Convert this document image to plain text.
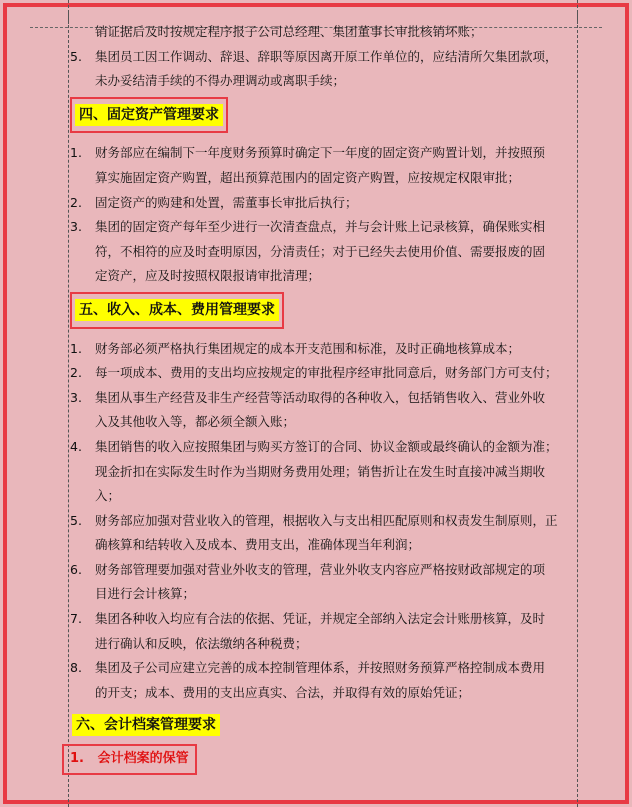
销证据后及时按规定程序报子公司总经理、集团董事长审批核销坏账；
5.	集团员工因工作调动、辞退、辞职等原因离开原工作单位的，应结清所欠集团款项，
未办妥结清手续的不得办理调动或离职手续；
四、固定资产管理要求
1.	财务部应在编制下一年度财务预算时确定下一年度的固定资产购置计划，并按照预
算实施固定资产购置，超出预算范围内的固定资产购置，应按规定权限审批；
2.	固定资产的购建和处置，需董事长审批后执行；
3.	集团的固定资产每年至少进行一次清查盘点，并与会计账上记录核算，确保账实相
符，不相符的应及时查明原因，分清责任；对于已经失去使用价值、需要报废的固
定资产，应及时按照权限报请审批清理；
五、收入、成本、费用管理要求
1.	财务部必须严格执行集团规定的成本开支范围和标准，及时正确地核算成本；
2.	每一项成本、费用的支出均应按规定的审批程序经审批同意后，财务部门方可支付；
3.	集团从事生产经营及非生产经营等活动取得的各种收入，包括销售收入、营业外收
入及其他收入等，都必须全额入账；
4.	集团销售的收入应按照集团与购买方签订的合同、协议金额或最终确认的金额为准；
现金折扣在实际发生时作为当期财务费用处理；销售折让在发生时直接冲减当期收
入；
5.	财务部应加强对营业收入的管理，根据收入与支出相匹配原则和权责发生制原则，正
确核算和结转收入及成本、费用支出，准确体现当年利润；
6.	财务部管理要加强对营业外收支的管理，营业外收支内容应严格按财政部规定的项
目进行会计核算；
7.	集团各种收入均应有合法的依据、凭证，并规定全部纳入法定会计账册核算，及时
进行确认和反映，依法缴纳各种税费；
8.	集团及子公司应建立完善的成本控制管理体系，并按照财务预算严格控制成本费用
的开支；成本、费用的支出应真实、合法，并取得有效的原始凭证；
六、会计档案管理要求
1. 会计档案的保管
